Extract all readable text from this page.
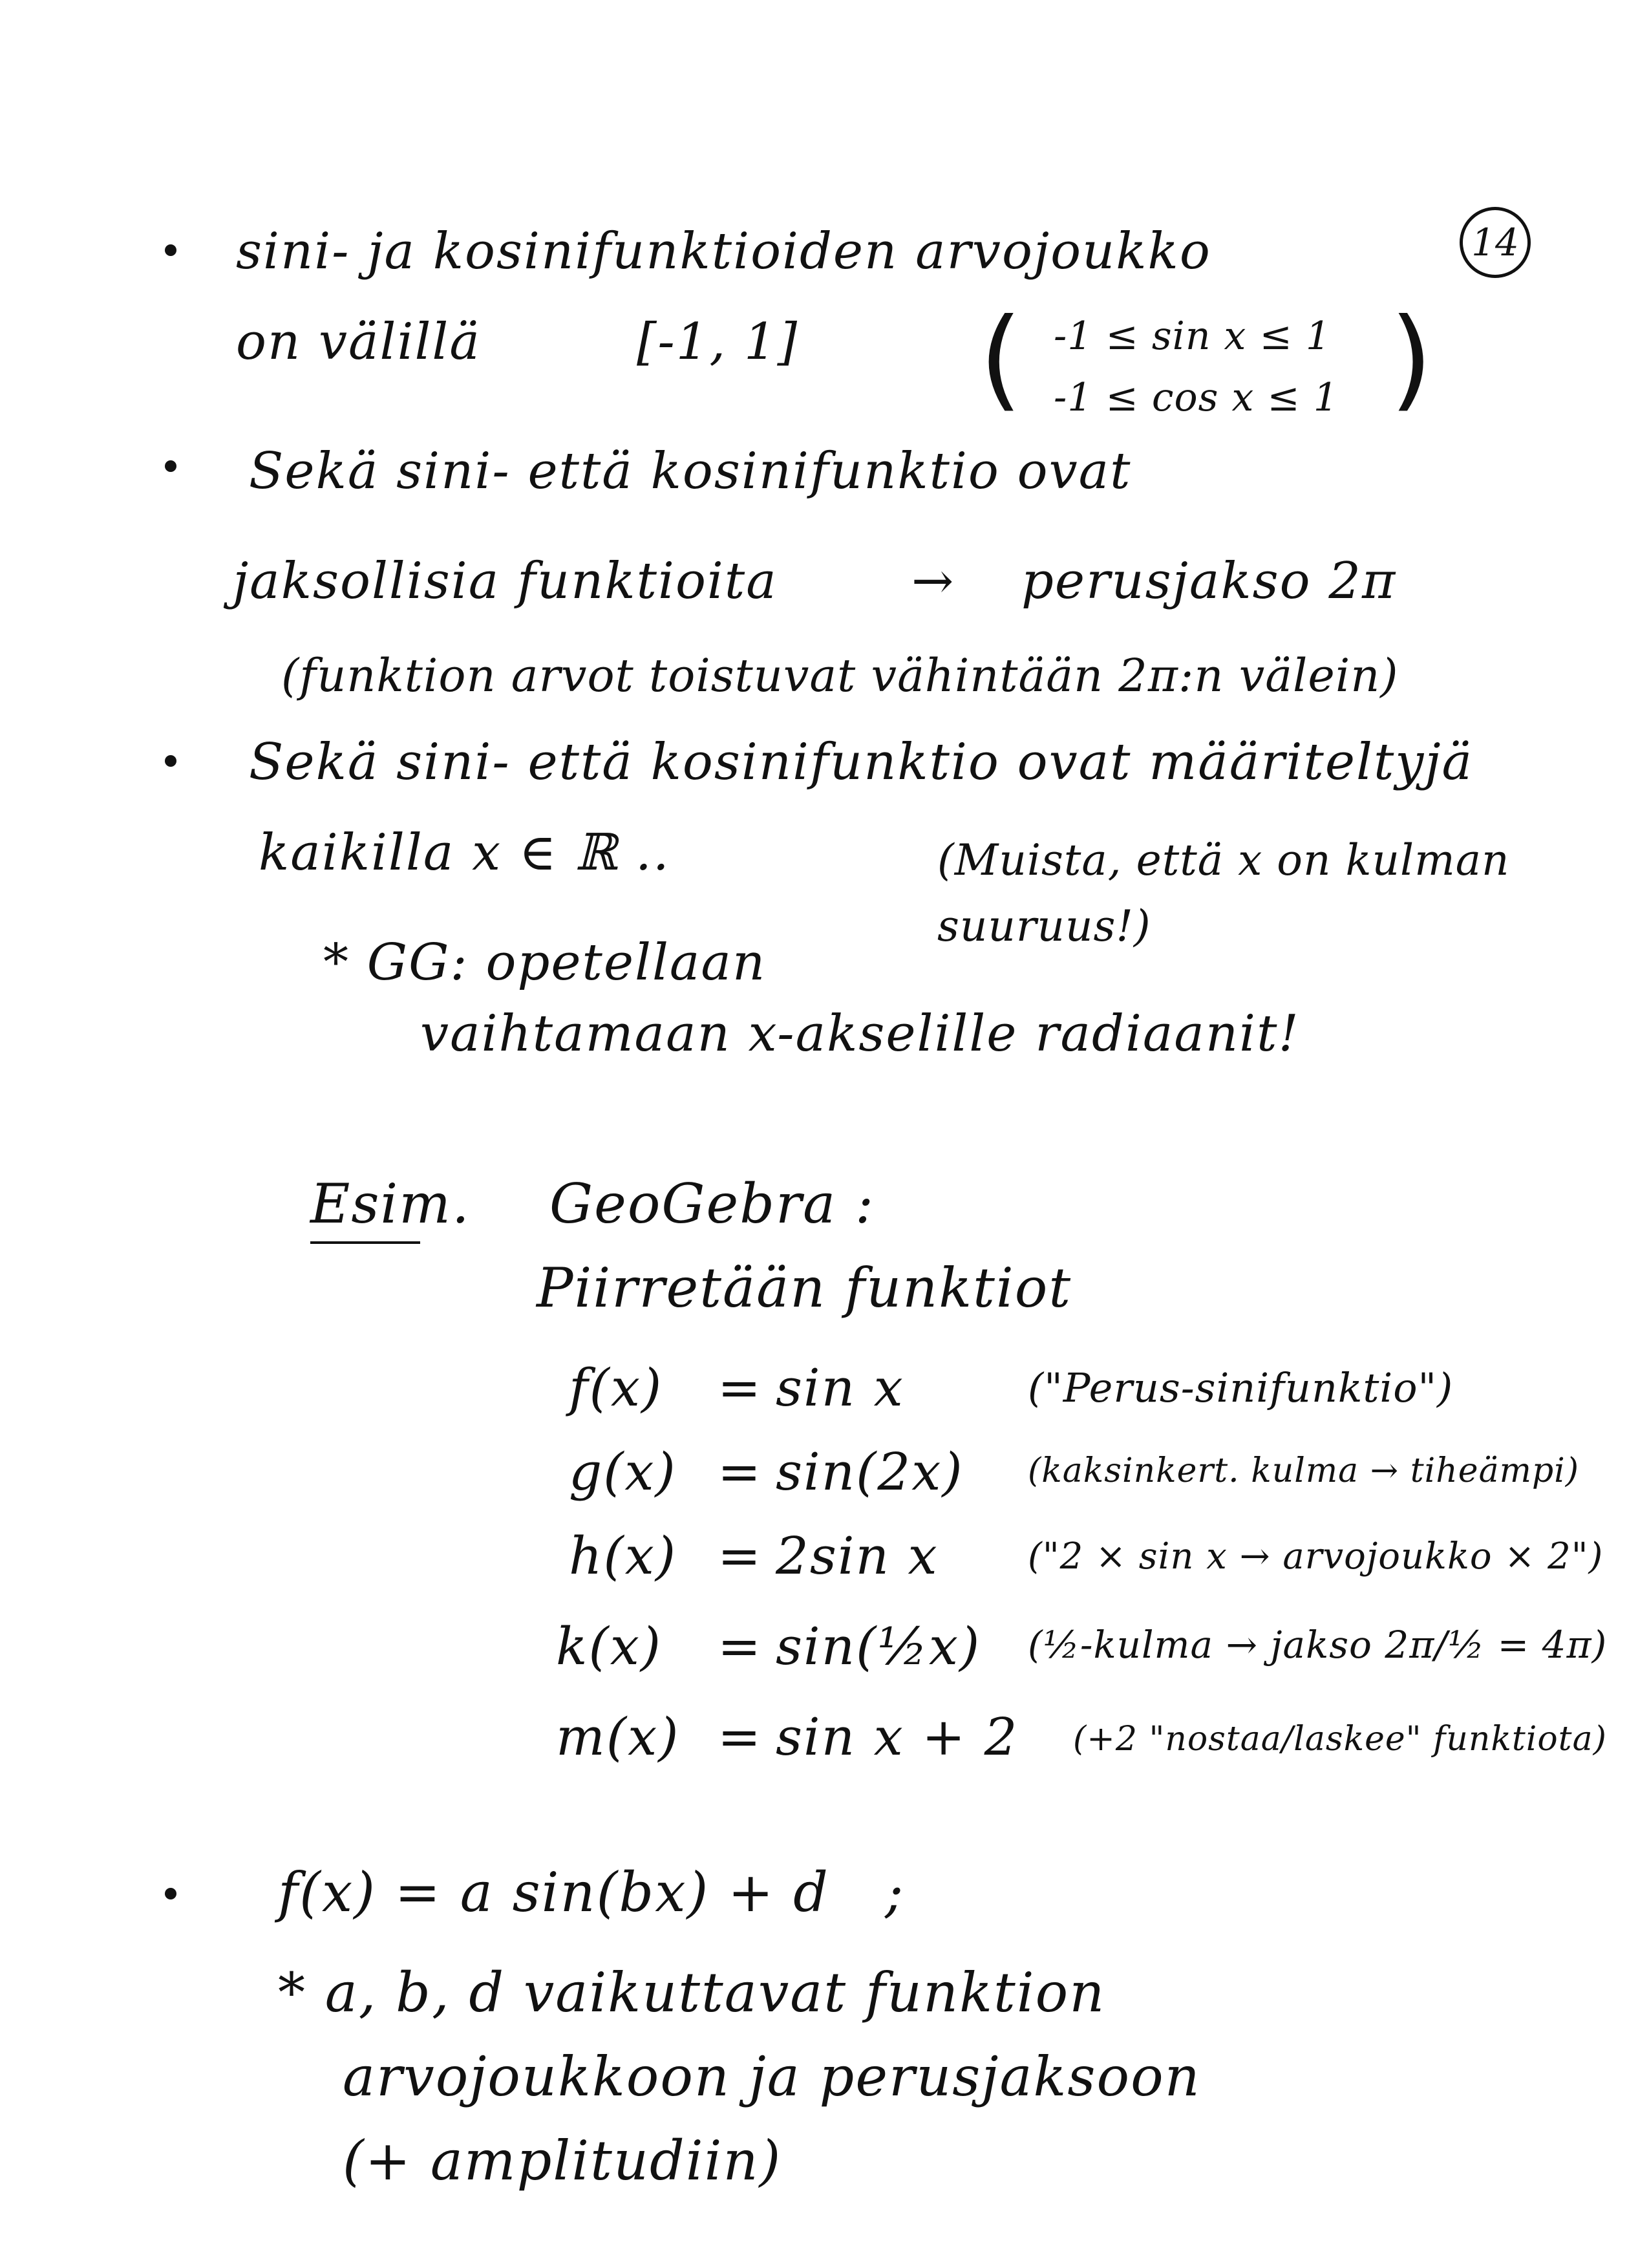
14
sini- ja kosinifunktioiden arvojoukko
on välillä	[-1, 1] ( -1 ≤ sin x ≤ 1
-1 ≤ cos x ≤ 1 )
Sekä sini- että kosinifunktio ovat
jaksollisia funktioita	→ perusjakso 2π
(funktion arvot toistuvat vähintään 2π:n välein)
Sekä sini- että kosinifunktio ovat määriteltyjä
kaikilla x ∈ ℝ ..	(Muista, että x on kulman suuruus!)
* GG: opetellaan
vaihtamaan x-akselille radiaanit!
Esim. GeoGebra :
Piirretään funktiot
f(x) = sin x	("Perus-sinifunktio")
g(x) = sin(2x) (kaksinkert. kulma → tiheämpi)
h(x) = 2sin x ("2 × sin x → arvojoukko × 2")
k(x) = sin(½x) (½-kulma → jakso 2π/½ = 4π)
m(x) = sin x + 2 (+2 "nostaa/laskee" funktiota)
f(x) = a sin(bx) + d   ;
* a, b, d vaikuttavat funktion
arvojoukkoon ja perusjaksoon
(+ amplitudiin)
